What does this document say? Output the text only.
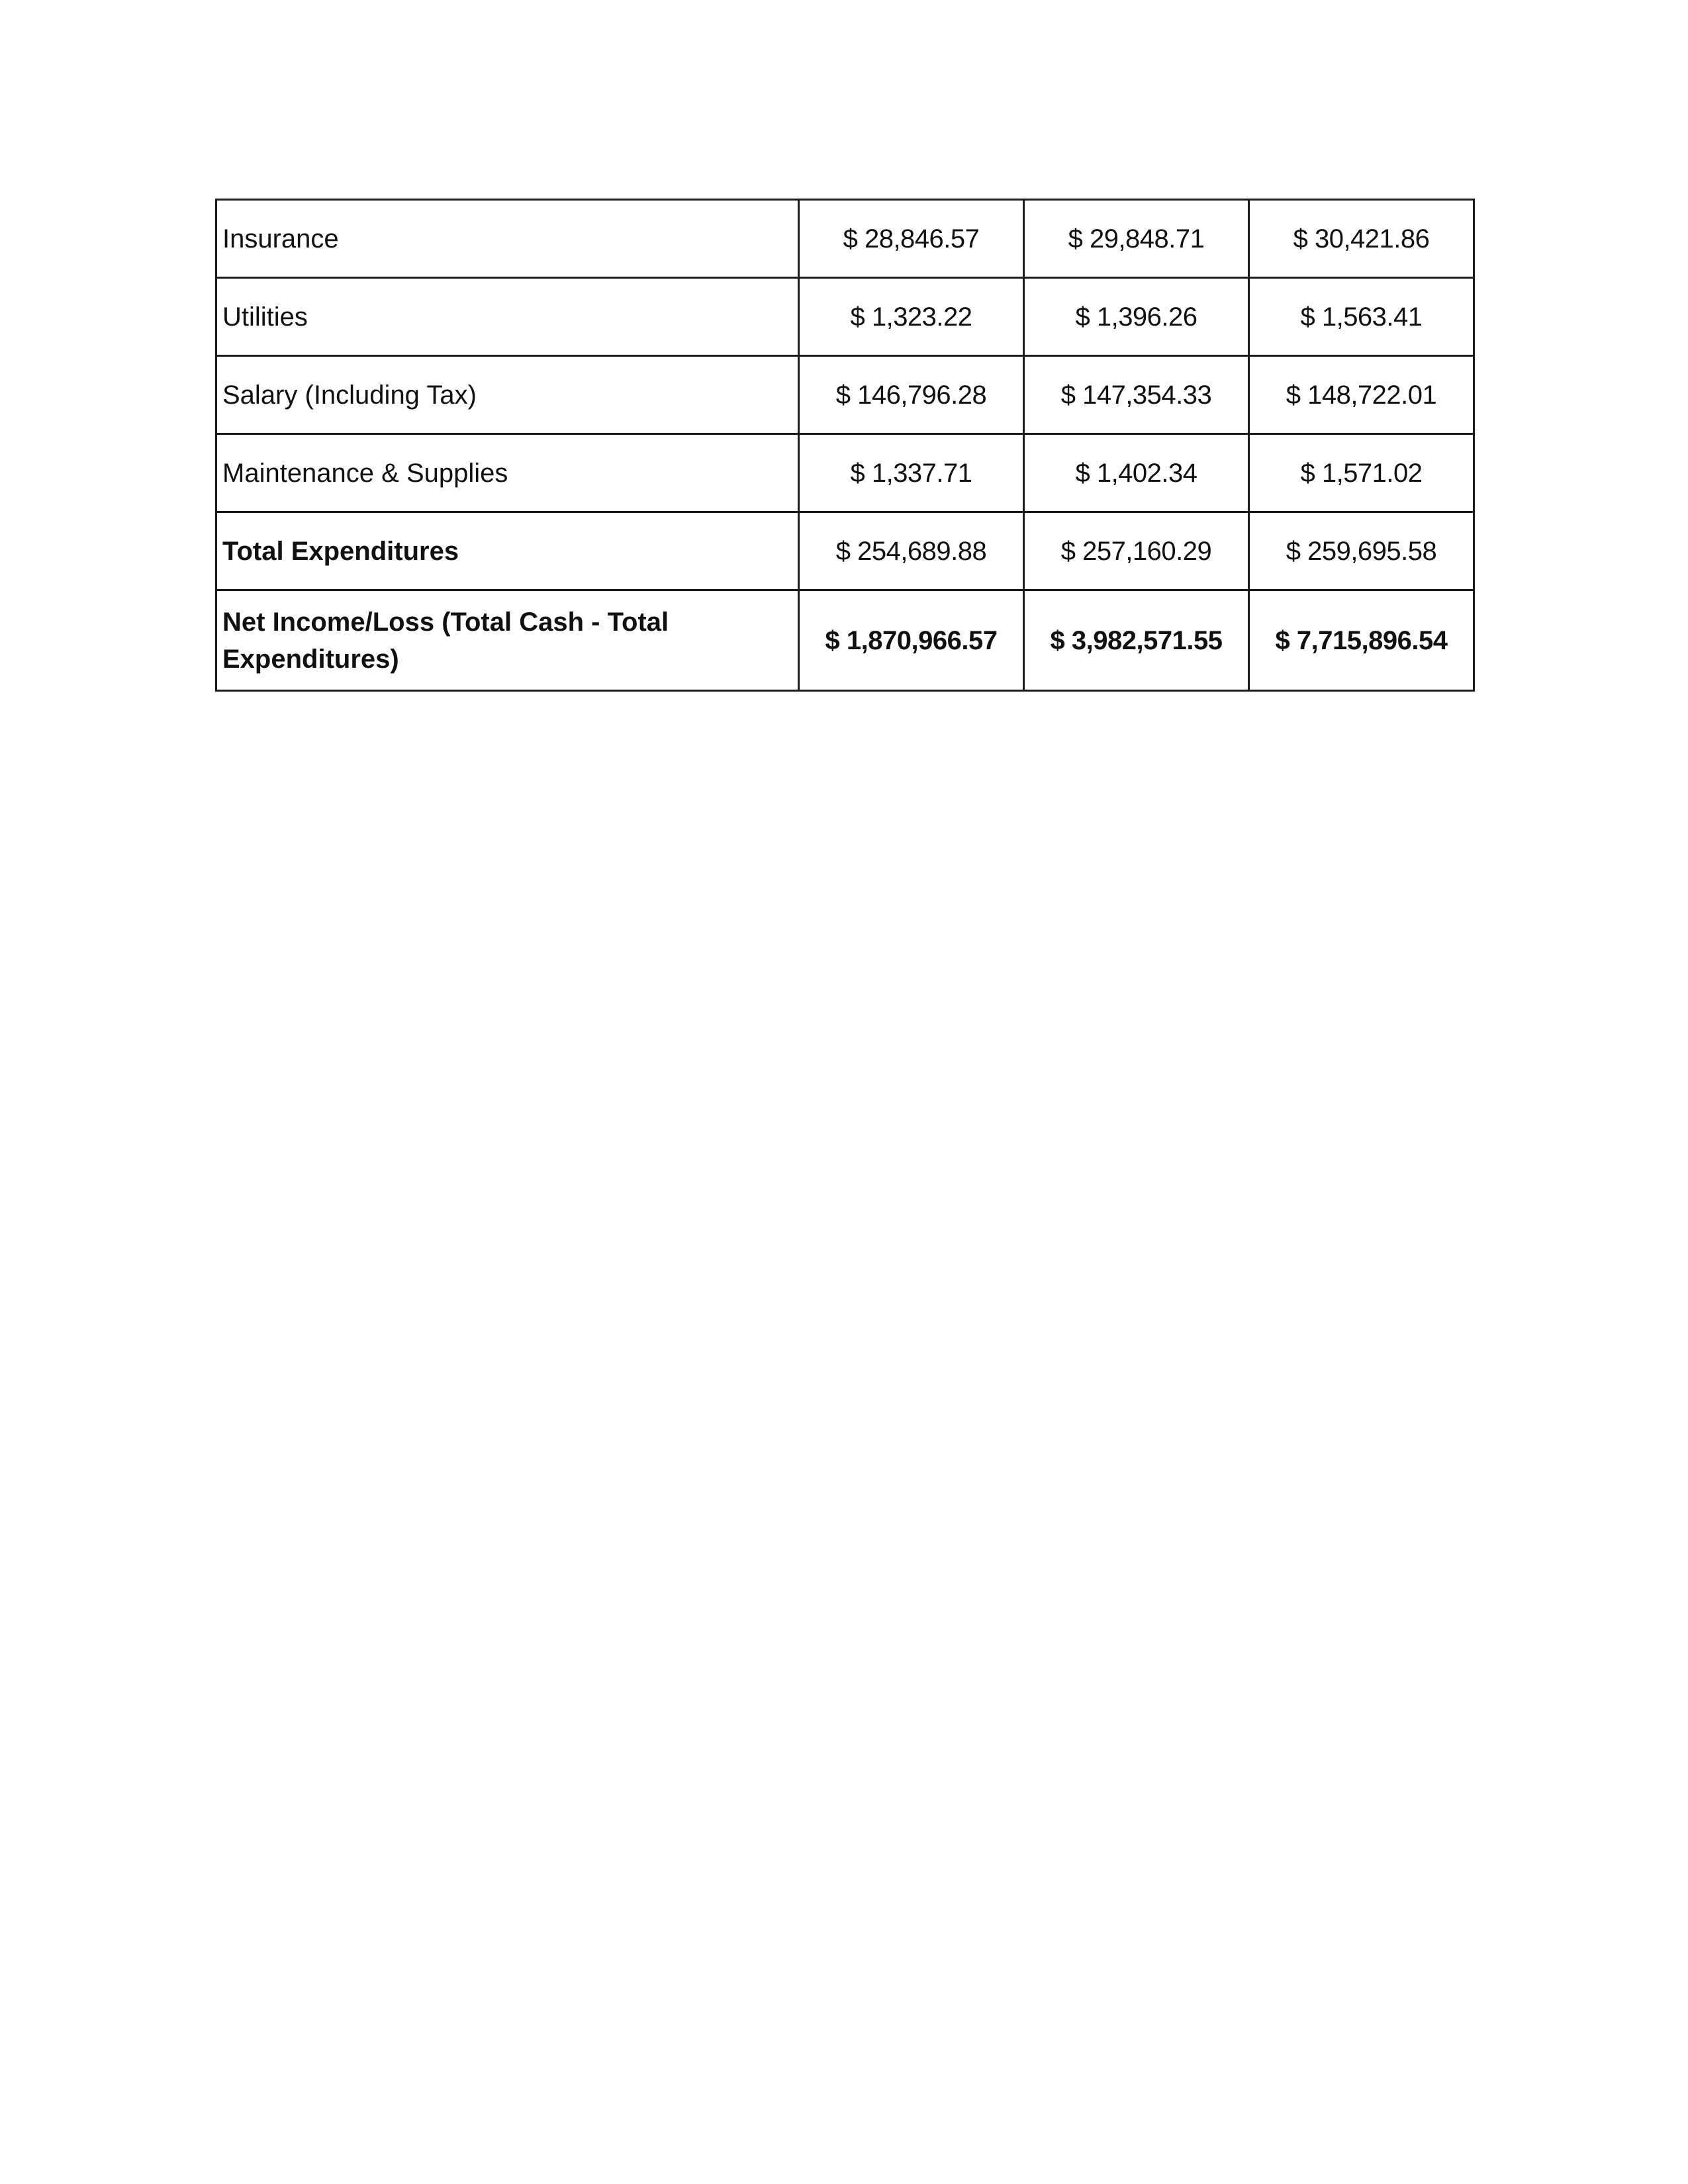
Insurance	$ 28,846.57	$ 29,848.71	$ 30,421.86
Utilities	$ 1,323.22	$ 1,396.26	$ 1,563.41
Salary (Including Tax)	$ 146,796.28	$ 147,354.33	$ 148,722.01
Maintenance & Supplies	$ 1,337.71	$ 1,402.34	$ 1,571.02
Total Expenditures	$ 254,689.88	$ 257,160.29	$ 259,695.58
Net Income/Loss (Total Cash - Total Expenditures)	$ 1,870,966.57	$ 3,982,571.55	$ 7,715,896.54
